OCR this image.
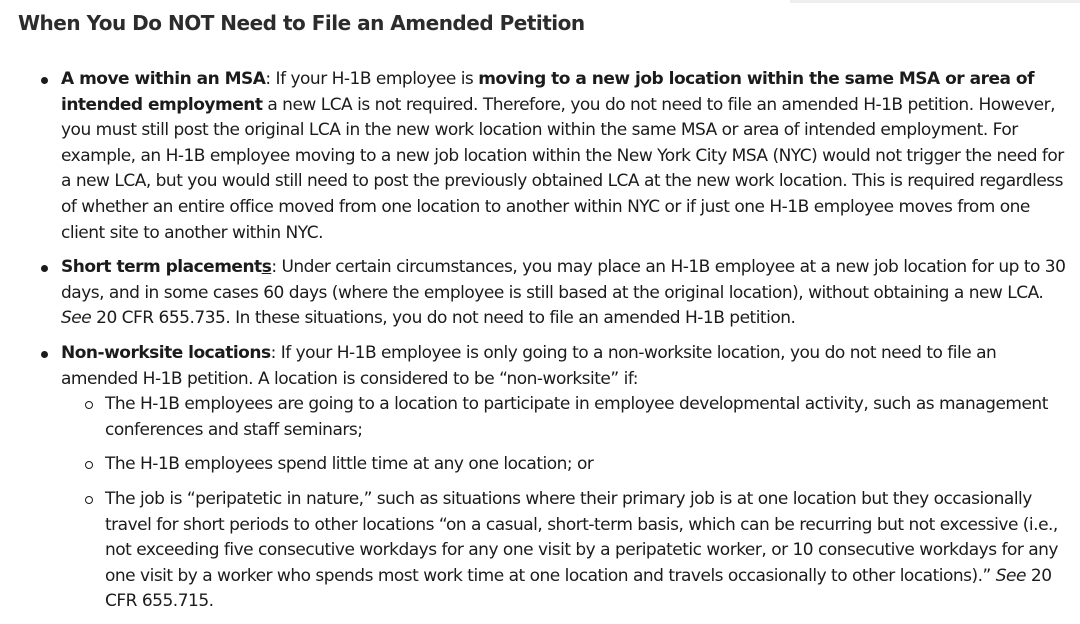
When You Do NOT Need to File an Amended Petition
A move within an MSA: If your H-1B employee is moving to a new job location within the same MSA or area of intended employment a new LCA is not required. Therefore, you do not need to file an amended H-1B petition. However, you must still post the original LCA in the new work location within the same MSA or area of intended employment. For example, an H-1B employee moving to a new job location within the New York City MSA (NYC) would not trigger the need for a new LCA, but you would still need to post the previously obtained LCA at the new work location. This is required regardless of whether an entire office moved from one location to another within NYC or if just one H-1B employee moves from one client site to another within NYC.
Short term placements: Under certain circumstances, you may place an H-1B employee at a new job location for up to 30 days, and in some cases 60 days (where the employee is still based at the original location), without obtaining a new LCA. See 20 CFR 655.735. In these situations, you do not need to file an amended H-1B petition.
Non-worksite locations: If your H-1B employee is only going to a non-worksite location, you do not need to file an amended H-1B petition. A location is considered to be “non-worksite” if:
The H-1B employees are going to a location to participate in employee developmental activity, such as management conferences and staff seminars;
The H-1B employees spend little time at any one location; or
The job is “peripatetic in nature,” such as situations where their primary job is at one location but they occasionally travel for short periods to other locations “on a casual, short-term basis, which can be recurring but not excessive (i.e., not exceeding five consecutive workdays for any one visit by a peripatetic worker, or 10 consecutive workdays for any one visit by a worker who spends most work time at one location and travels occasionally to other locations).” See 20 CFR 655.715.
